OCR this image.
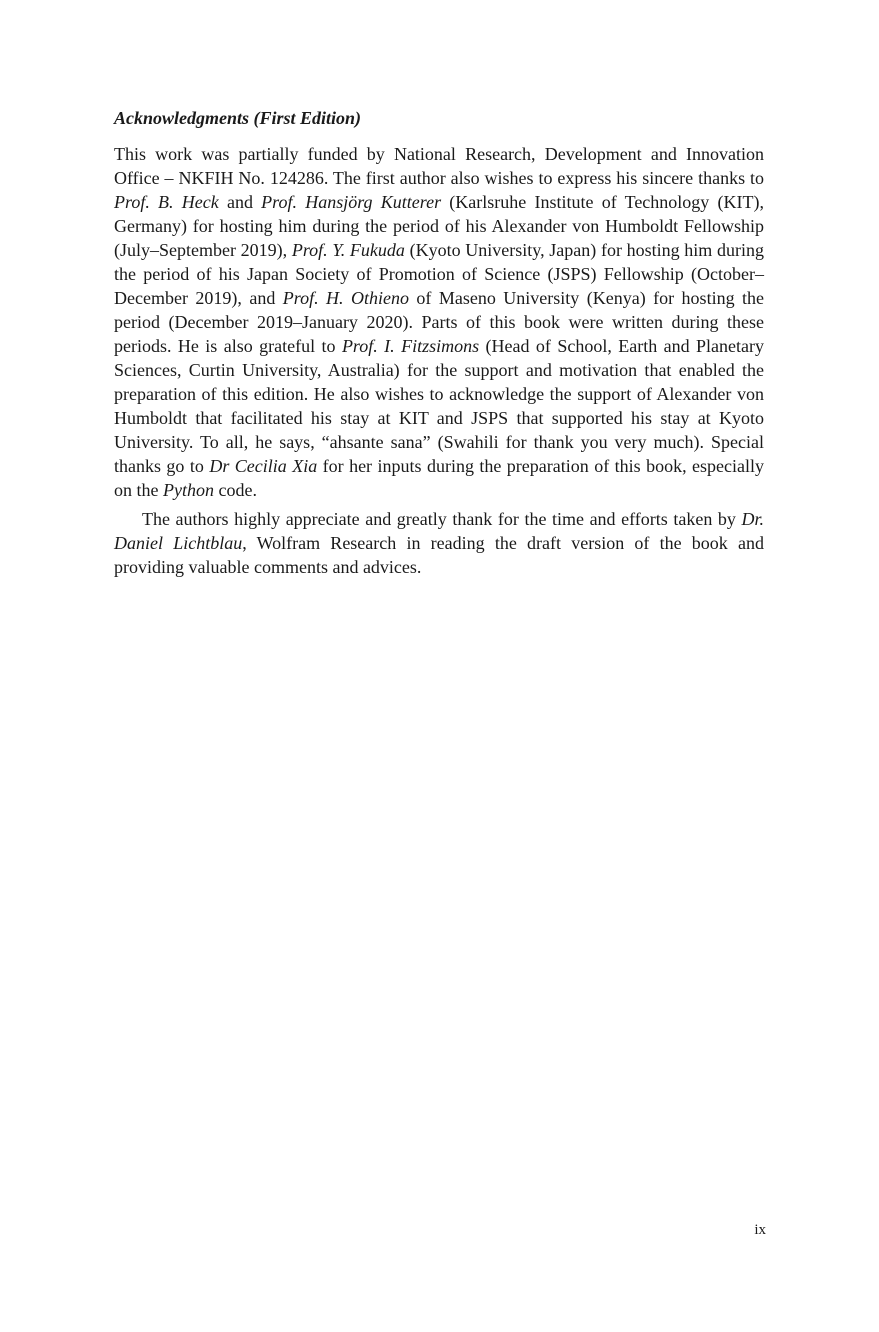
Acknowledgments (First Edition)

This work was partially funded by National Research, Development and Innovation Office – NKFIH No. 124286. The first author also wishes to express his sincere thanks to Prof. B. Heck and Prof. Hansjörg Kutterer (Karlsruhe Institute of Technology (KIT), Germany) for hosting him during the period of his Alexander von Humboldt Fellowship (July–September 2019), Prof. Y. Fukuda (Kyoto University, Japan) for hosting him during the period of his Japan Society of Promotion of Science (JSPS) Fellowship (October–December 2019), and Prof. H. Othieno of Maseno University (Kenya) for hosting the period (December 2019–January 2020). Parts of this book were written during these periods. He is also grateful to Prof. I. Fitzsimons (Head of School, Earth and Planetary Sciences, Curtin University, Australia) for the support and motivation that enabled the preparation of this edition. He also wishes to acknowledge the support of Alexander von Humboldt that facilitated his stay at KIT and JSPS that supported his stay at Kyoto University. To all, he says, “ahsante sana” (Swahili for thank you very much). Special thanks go to Dr Cecilia Xia for her inputs during the preparation of this book, especially on the Python code.

The authors highly appreciate and greatly thank for the time and efforts taken by Dr. Daniel Lichtblau, Wolfram Research in reading the draft version of the book and providing valuable comments and advices.

ix
